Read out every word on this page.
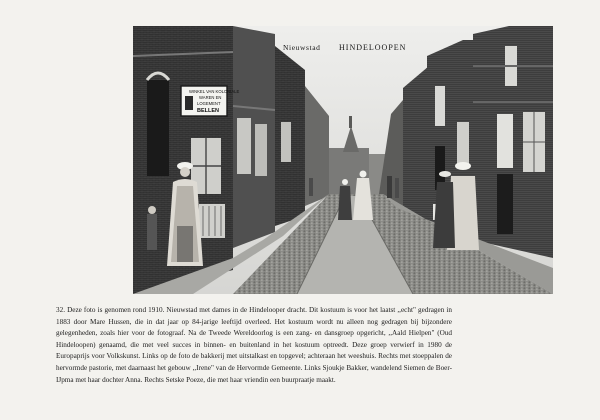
WINKEL VAN KOLONIALE
WAREN EN
LOGEMENT
BELLEN
Nieuwstad HINDELOOPEN

32. Deze foto is genomen rond 1910. Nieuwstad met dames in de Hindelooper dracht. Dit kostuum is voor het laatst ,,echt" gedragen in 1883 door Mare Hussen, die in dat jaar op 84-jarige leeftijd overleed. Het kostuum wordt nu alleen nog gedragen bij bijzondere gelegenheden, zoals hier voor de fotograaf. Na de Tweede Wereldoorlog is een zang- en dansgroep opgericht, ,,Aald Hielpen" (Oud Hindeloopen) genaamd, die met veel succes in binnen- en buitenland in het kostuum optreedt. Deze groep verwierf in 1980 de Europaprijs voor Volkskunst. Links op de foto de bakkerij met uitstalkast en topgevel; achteraan het weeshuis. Rechts met stoeppalen de hervormde pastorie, met daarnaast het gebouw ,,Irene" van de Hervormde Gemeente. Links Sjoukje Bakker, wandelend Siemen de Boer-IJpma met haar dochter Anna. Rechts Setske Poeze, die met haar vriendin een buurpraatje maakt.
